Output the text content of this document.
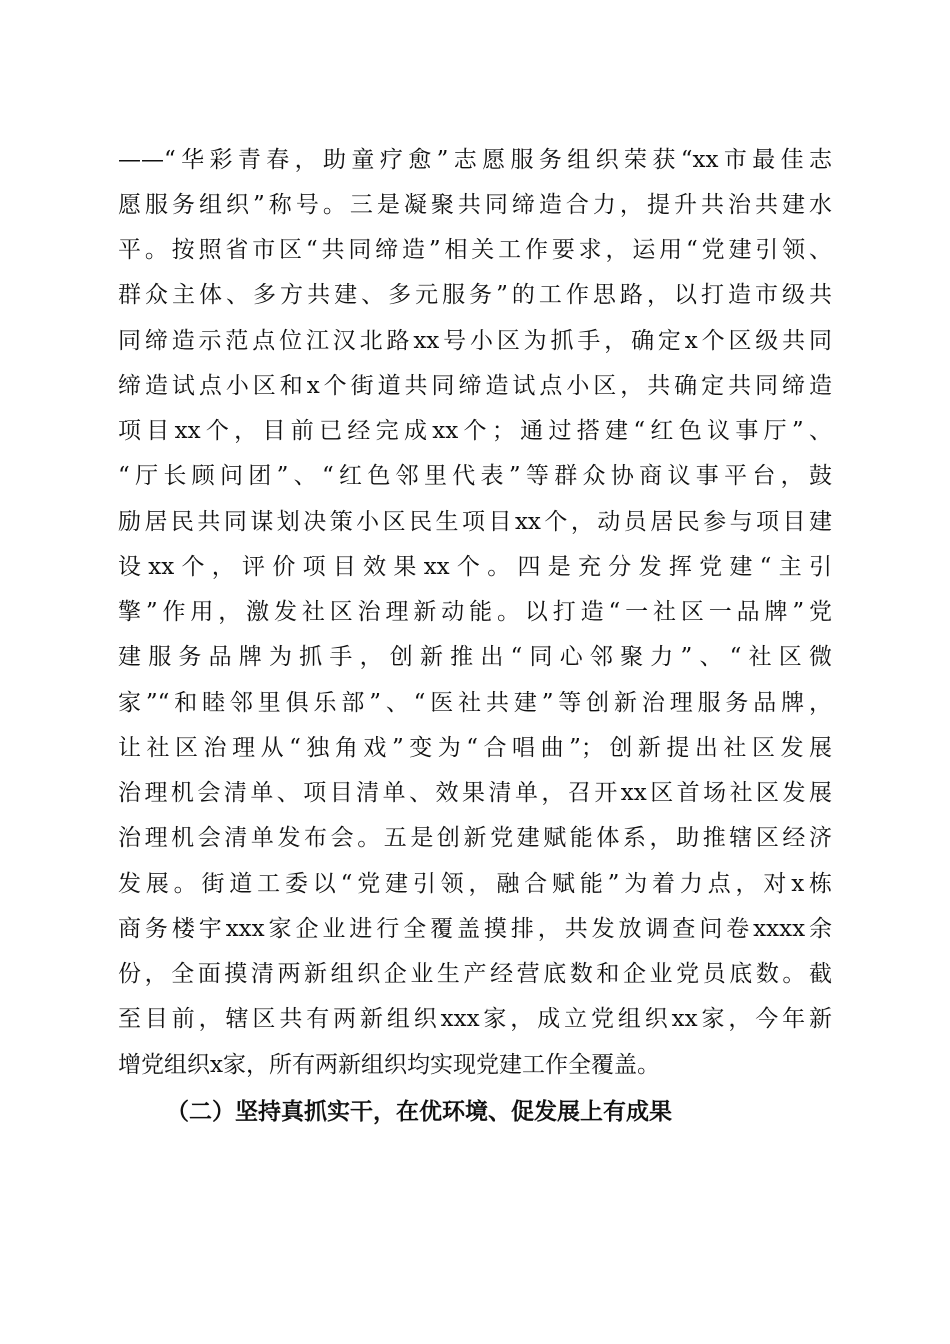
——“华彩青春，助童疗愈”志愿服务组织荣获“xx市最佳志
愿服务组织”称号。三是凝聚共同缔造合力，提升共治共建水
平。按照省市区“共同缔造”相关工作要求，运用“党建引领、
群众主体、多方共建、多元服务”的工作思路，以打造市级共
同缔造示范点位江汉北路xx号小区为抓手，确定x个区级共同
缔造试点小区和x个街道共同缔造试点小区，共确定共同缔造
项目xx个，目前已经完成xx个；通过搭建“红色议事厅”、
“厅长顾问团”、“红色邻里代表”等群众协商议事平台，鼓
励居民共同谋划决策小区民生项目xx个，动员居民参与项目建
设xx个，评价项目效果xx个。四是充分发挥党建“主引
擎”作用，激发社区治理新动能。以打造“一社区一品牌”党
建服务品牌为抓手，创新推出“同心邻聚力”、“社区微
家”“和睦邻里俱乐部”、“医社共建”等创新治理服务品牌，
让社区治理从“独角戏”变为“合唱曲”；创新提出社区发展
治理机会清单、项目清单、效果清单，召开xx区首场社区发展
治理机会清单发布会。五是创新党建赋能体系，助推辖区经济
发展。街道工委以“党建引领，融合赋能”为着力点，对x栋
商务楼宇xxx家企业进行全覆盖摸排，共发放调查问卷xxxx余
份，全面摸清两新组织企业生产经营底数和企业党员底数。截
至目前，辖区共有两新组织xxx家，成立党组织xx家，今年新
增党组织x家，所有两新组织均实现党建工作全覆盖。
（二）坚持真抓实干，在优环境、促发展上有成果
